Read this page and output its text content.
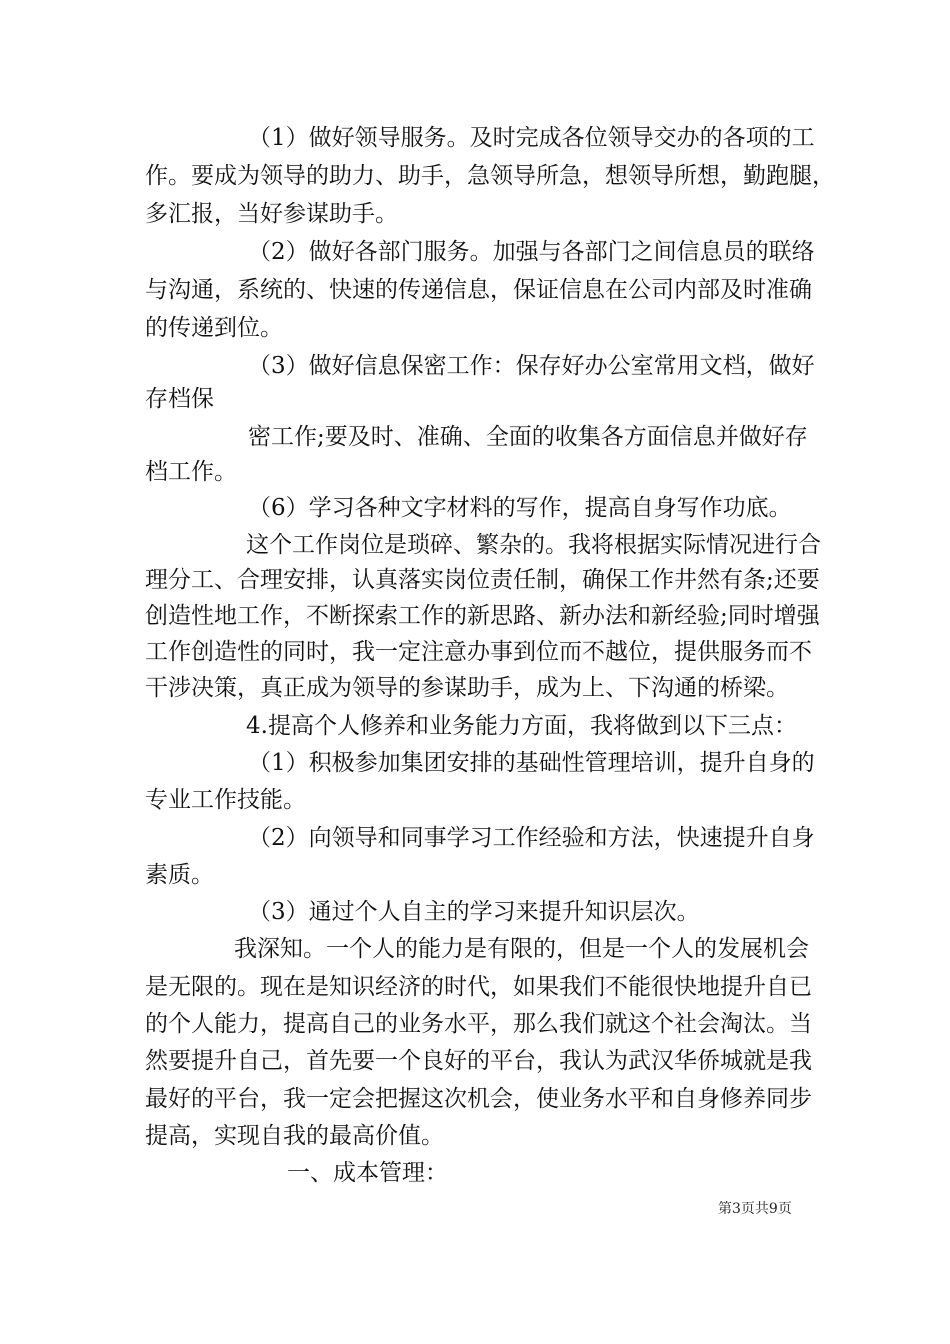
（1）做好领导服务。及时完成各位领导交办的各项的工
作。要成为领导的助力、助手，急领导所急，想领导所想，勤跑腿，
多汇报，当好参谋助手。
（2）做好各部门服务。加强与各部门之间信息员的联络
与沟通，系统的、快速的传递信息，保证信息在公司内部及时准确
的传递到位。
（3）做好信息保密工作：保存好办公室常用文档，做好
存档保
密工作;要及时、准确、全面的收集各方面信息并做好存
档工作。
（6）学习各种文字材料的写作，提高自身写作功底。
这个工作岗位是琐碎、繁杂的。我将根据实际情况进行合
理分工、合理安排，认真落实岗位责任制，确保工作井然有条;还要
创造性地工作，不断探索工作的新思路、新办法和新经验;同时增强
工作创造性的同时，我一定注意办事到位而不越位，提供服务而不
干涉决策，真正成为领导的参谋助手，成为上、下沟通的桥梁。
4.提高个人修养和业务能力方面，我将做到以下三点：
（1）积极参加集团安排的基础性管理培训，提升自身的
专业工作技能。
（2）向领导和同事学习工作经验和方法，快速提升自身
素质。
（3）通过个人自主的学习来提升知识层次。
我深知。一个人的能力是有限的，但是一个人的发展机会
是无限的。现在是知识经济的时代，如果我们不能很快地提升自已
的个人能力，提高自己的业务水平，那么我们就这个社会淘汰。当
然要提升自己，首先要一个良好的平台，我认为武汉华侨城就是我
最好的平台，我一定会把握这次机会，使业务水平和自身修养同步
提高，实现自我的最高价值。
一、成本管理：
第3页共9页
